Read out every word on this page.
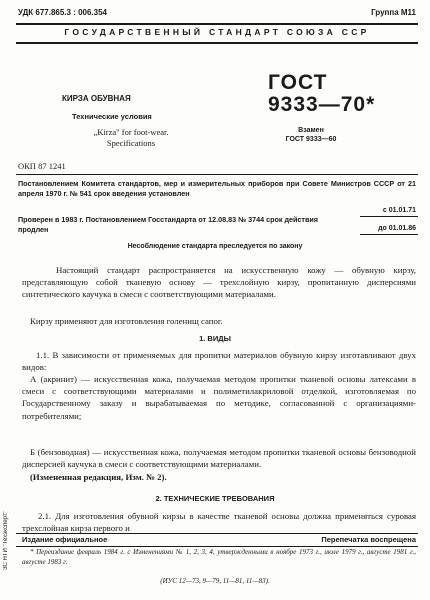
УДК 677.865.3 : 006.354	Группа М11
ГОСУДАРСТВЕННЫЙ СТАНДАРТ СОЮЗА ССР
КИРЗА ОБУВНАЯ
Технические условия
„Kirza" for foot-wear. Specifications
ГОСТ
9333—70*
Взамен
ГОСТ 9333—60
ОКП 87 1241
Постановлением Комитета стандартов, мер и измерительных приборов при Совете Министров СССР от 21 апреля 1970 г. № 541 срок введения установлен
с 01.01.71
Проверен в 1983 г. Постановлением Госстандарта от 12.08.83 № 3744 срок действия продлен	до 01.01.86
Несоблюдение стандарта преследуется по закону
Настоящий стандарт распространяется на искусственную кожу — обувную кирзу, представляющую собой тканевую основу — трехслойную кирзу, пропитанную дисперсиями синтетического каучука в смеси с соответствующими материалами.
Кирзу применяют для изготовления голенищ сапог.
1. ВИДЫ
1.1. В зависимости от применяемых для пропитки материалов обувную кирзу изготавливают двух видов:
А (акринит) — искусственная кожа, получаемая методом пропитки тканевой основы латексами в смеси с соответствующими материалами и полиметилакриловой отделкой, изготовляемая по Государственному заказу и вырабатываемая по методике, согласованной с организациями-потребителями;
Б (бензоводная) — искусственная кожа, получаемая методом пропитки тканевой основы бензоводной дисперсией каучука в смеси с соответствующими материалами.
(Измененная редакция, Изм. № 2).
2. ТЕХНИЧЕСКИЕ ТРЕБОВАНИЯ
2.1. Для изготовления обувной кирзы в качестве тканевой основы должна применяться суровая трехслойная кирза первого и
Издание официальное	Перепечатка воспрещена
* Переиздание февраль 1984 г. с Изменениями № 1, 2, 3, 4, утвержденными в ноябре 1973 г., июле 1979 г., августе 1981 г., августе 1983 г.
(ИУС 12—73, 9—79, 11—81, 11—83).
ЗС НТИ "Техэксперт"
